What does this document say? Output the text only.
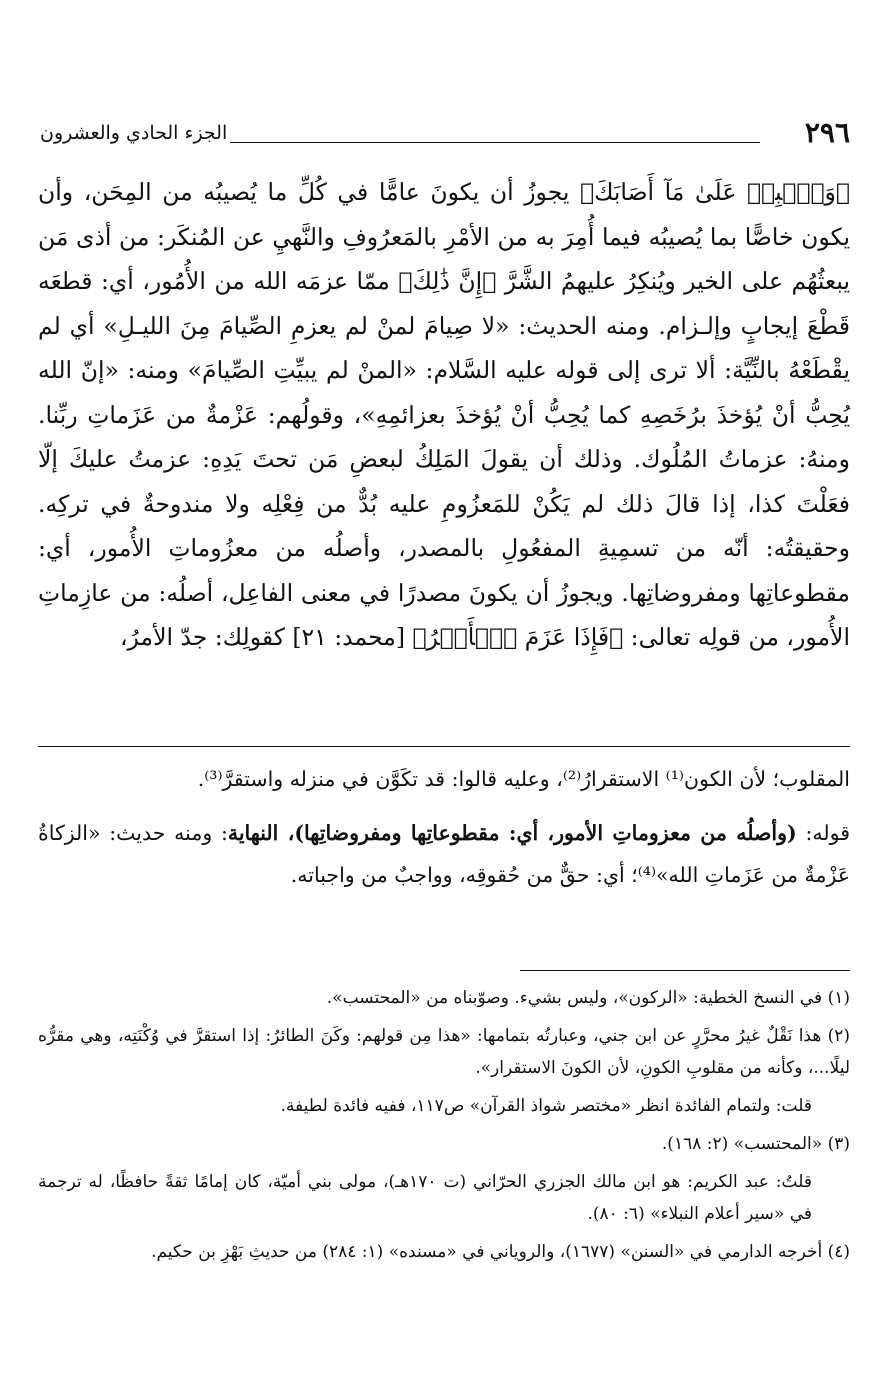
٢٩٦
الجزء الحادي والعشرون

﴿وَٱصۡبِرۡ عَلَىٰ مَآ أَصَابَكَ﴾ يجوزُ أن يكونَ عامًّا في كُلِّ ما يُصيبُه من المِحَن، وأن يكون خاصًّا بما يُصيبُه فيما أُمِرَ به من الأمْرِ بالمَعرُوفِ والنَّهيِ عن المُنكَر: من أذى مَن يبعثُهُم على الخير ويُنكِرُ عليهمُ الشَّرَّ ﴿إِنَّ ذَٰلِكَ﴾ ممّا عزمَه الله من الأُمُور، أي: قطعَه قَطْعَ إيجابٍ وإلـزام. ومنه الحديث: «لا صِيامَ لمنْ لم يعزمِ الصِّيامَ مِنَ الليـلِ» أي لم يقْطَعْهُ بالنِّيَّة: ألا ترى إلى قوله عليه السَّلام: «المنْ لم يبيِّتِ الصِّيامَ» ومنه: «إنّ الله يُحِبُّ أنْ يُؤخذَ برُخَصِهِ كما يُحِبُّ أنْ يُؤخذَ بعزائمِهِ»، وقولُهم: عَزْمةٌ من عَزَماتِ ربِّنا. ومنهُ: عزماتُ المُلُوك. وذلك أن يقولَ المَلِكُ لبعضِ مَن تحتَ يَدِهِ: عزمتُ عليكَ إلّا فعَلْتَ كذا، إذا قالَ ذلك لم يَكُنْ للمَعزُومِ عليه بُدٌّ من فِعْلِه ولا مندوحةٌ في تركِه. وحقيقتُه: أنّه من تسمِيةِ المفعُولِ بالمصدر، وأصلُه من معزُوماتِ الأُمور، أي: مقطوعاتِها ومفروضاتِها. ويجوزُ أن يكونَ مصدرًا في معنى الفاعِل، أصلُه: من عازِماتِ الأُمور، من قولِه تعالى: ﴿فَإِذَا عَزَمَ ٱلۡأَمۡرُ﴾ [محمد: ٢١] كقولِك: جدّ الأمرُ،

المقلوب؛ لأن الكون⁽¹⁾ الاستقرارُ⁽²⁾، وعليه قالوا: قد تكَوَّن في منزله واستقرَّ⁽³⁾.

قوله: (وأصلُه من معزوماتِ الأمور، أي: مقطوعاتِها ومفروضاتِها)، النهاية: ومنه حديث: «الزكاةُ عَزْمةٌ من عَزَماتِ الله»⁽⁴⁾؛ أي: حقٌّ من حُقوقِه، وواجبٌ من واجباته.

(١) في النسخ الخطية: «الركون»، وليس بشيء. وصوّبناه من «المحتسب».

(٢) هذا نَقْلٌ غيرُ محرَّرٍ عن ابن جني، وعبارتُه بتمامها: «هذا مِن قولهم: وكَنَ الطائرُ: إذا استقرَّ في وُكْنَتِه، وهي مقرُّه ليلًا...، وكأنه من مقلوبِ الكونِ، لأن الكونَ الاستقرار».

قلت: ولتمام الفائدة انظر «مختصر شواذ القرآن» ص١١٧، ففيه فائدة لطيفة.

(٣) «المحتسب» (٢: ١٦٨).

قلتُ: عبد الكريم: هو ابن مالك الجزري الحرّاني (ت ١٧٠هـ)، مولى بني أميّة، كان إمامًا ثقةً حافظًا، له ترجمة في «سير أعلام النبلاء» (٦: ٨٠).

(٤) أخرجه الدارمي في «السنن» (١٦٧٧)، والروياني في «مسنده» (١: ٢٨٤) من حديثِ بَهْزِ بن حكيم.
